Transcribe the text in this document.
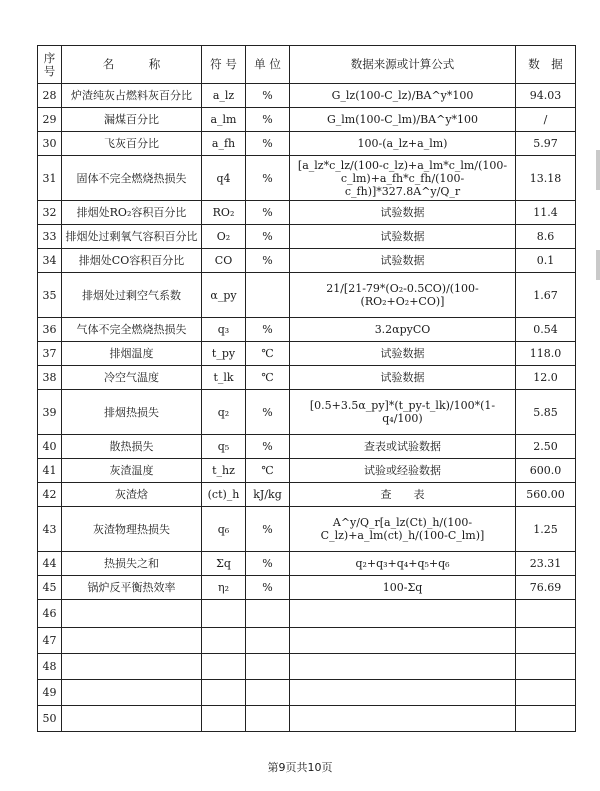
序号	名　　　称	符 号	单 位	数据来源或计算公式	数　据
28	炉渣纯灰占燃料灰百分比	a_lz	%	G_lz(100-C_lz)/BA^y*100	94.03
29	漏煤百分比	a_lm	%	G_lm(100-C_lm)/BA^y*100	/
30	飞灰百分比	a_fh	%	100-(a_lz+a_lm)	5.97
31	固体不完全燃烧热损失	q4	%	[a_lz*c_lz/(100-c_lz)+a_lm*c_lm/(100-c_lm)+a_fh*c_fh/(100-c_fh)]*327.8A^y/Q_r	13.18
32	排烟处RO₂容积百分比	RO₂	%	试验数据	11.4
33	排烟处过剩氧气容积百分比	O₂	%	试验数据	8.6
34	排烟处CO容积百分比	CO	%	试验数据	0.1
35	排烟处过剩空气系数	α_py		21/[21-79*(O₂-0.5CO)/(100-(RO₂+O₂+CO)]	1.67
36	气体不完全燃烧热损失	q₃	%	3.2αpyCO	0.54
37	排烟温度	t_py	℃	试验数据	118.0
38	冷空气温度	t_lk	℃	试验数据	12.0
39	排烟热损失	q₂	%	[0.5+3.5α_py]*(t_py-t_lk)/100*(1-q₄/100)	5.85
40	散热损失	q₅	%	查表或试验数据	2.50
41	灰渣温度	t_hz	℃	试验或经验数据	600.0
42	灰渣焓	(ct)_h	kJ/kg	查　　表	560.00
43	灰渣物理热损失	q₆	%	A^y/Q_r[a_lz(Ct)_h/(100-C_lz)+a_lm(ct)_h/(100-C_lm)]	1.25
44	热损失之和	Σq	%	q₂+q₃+q₄+q₅+q₆	23.31
45	锅炉反平衡热效率	η₂	%	100-Σq	76.69
46					
47					
48					
49					
50					
第9页共10页
